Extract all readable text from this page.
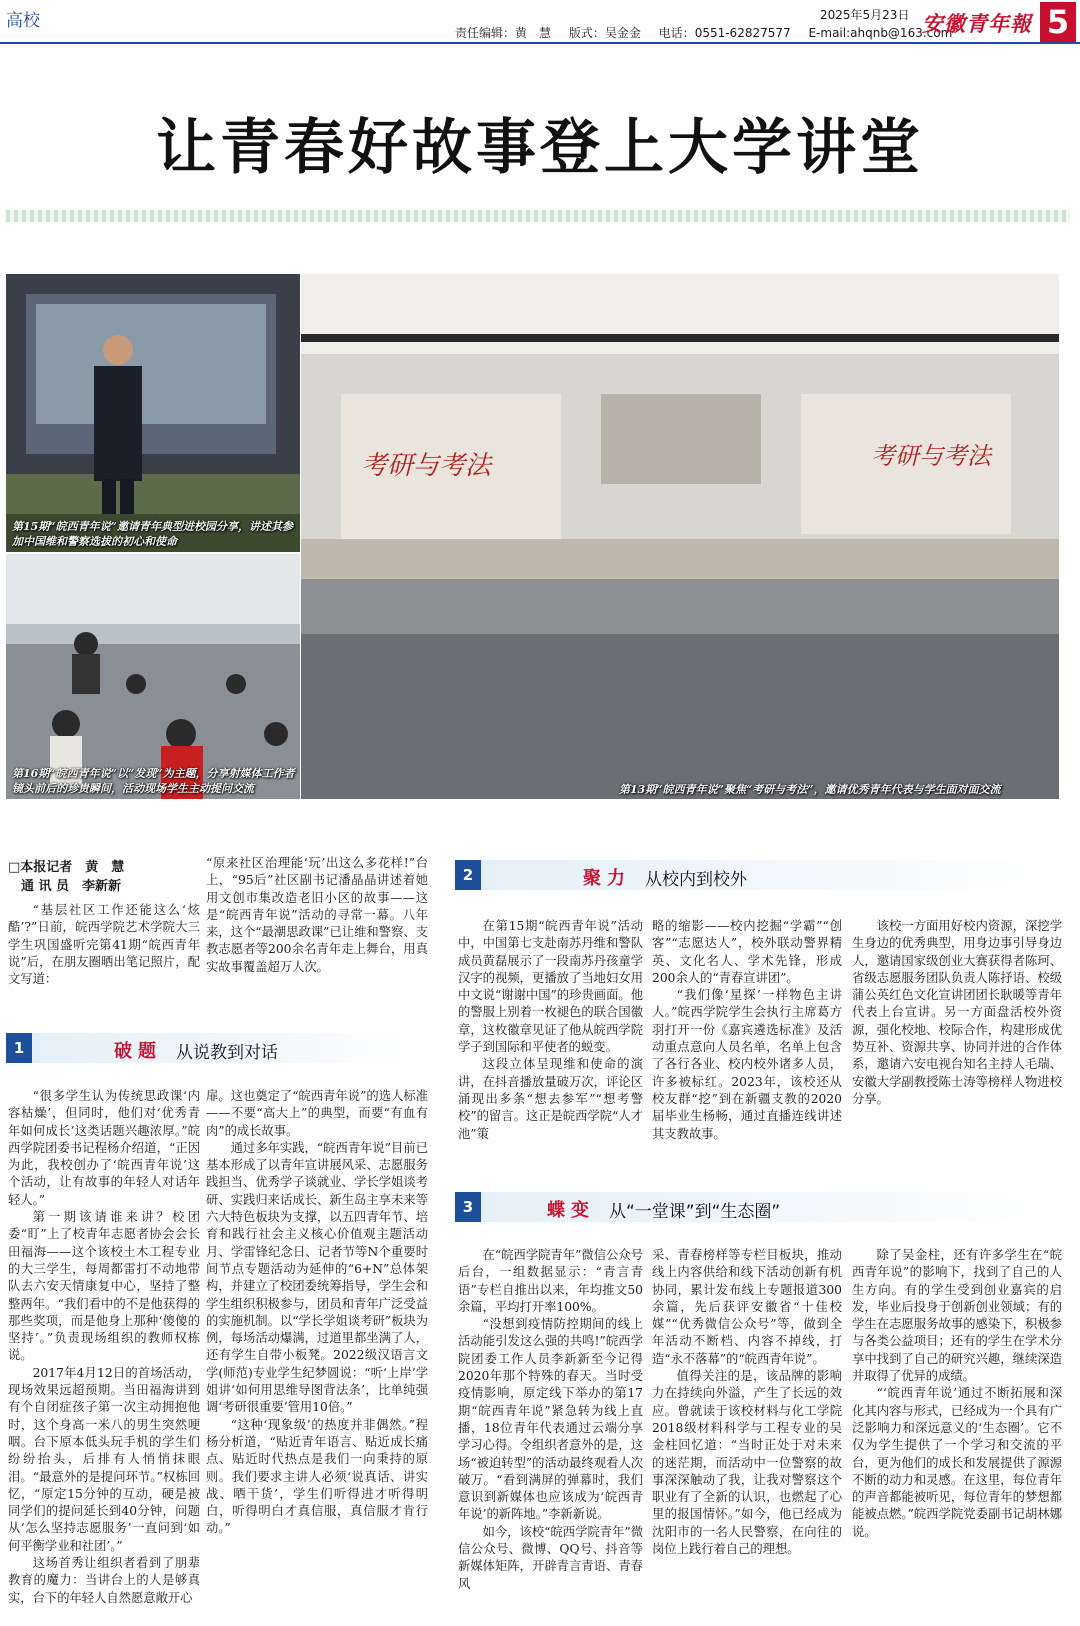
高校	2025年5月23日
责任编辑：黄　慧 版式：吴金金 电话：0551-62827577 E-mail:ahqnb@163.com
安徽青年報 5
让青春好故事登上大学讲堂
第15期“皖西青年说”邀请青年典型进校园分享，讲述其参加中国维和警察选拔的初心和使命
第16期“皖西青年说”以“发现”为主题，分享射媒体工作者镜头前后的珍贵瞬间，活动现场学生主动提问交流
考研与考法	考研与考法
第13期“皖西青年说”聚焦“考研与考法”，邀请优秀青年代表与学生面对面交流
□本报记者　黄　慧
　通 讯 员　李新新

“基层社区工作还能这么‘炫酷’?”日前，皖西学院艺术学院大三学生巩国盛听完第41期“皖西青年说”后，在朋友圈晒出笔记照片，配文写道：

“原来社区治理能‘玩’出这么多花样!”台上，“95后”社区副书记潘晶晶讲述着她用文创市集改造老旧小区的故事——这是“皖西青年说”活动的寻常一幕。八年来，这个“最潮思政课”已让维和警察、支教志愿者等200余名青年走上舞台，用真实故事覆盖超万人次。

1	破题 从说教到对话

“很多学生认为传统思政课‘内容枯燥’，但同时，他们对‘优秀青年如何成长’这类话题兴趣浓厚。”皖西学院团委书记程杨介绍道，“正因为此，我校创办了‘皖西青年说’这个活动，让有故事的年轻人对话年轻人。”

第一期该请谁来讲？校团委“盯”上了校青年志愿者协会会长田福海——这个该校土木工程专业的大三学生，每周都雷打不动地带队去六安天情康复中心，坚持了整整两年。“我们看中的不是他获得的那些奖项，而是他身上那种‘傻傻的坚持’。”负责现场组织的教师权栋说。

2017年4月12日的首场活动，现场效果远超预期。当田福海讲到有个自闭症孩子第一次主动拥抱他时，这个身高一米八的男生突然哽咽。台下原本低头玩手机的学生们纷纷抬头，后排有人悄悄抹眼泪。“最意外的是提问环节。”权栋回忆，“原定15分钟的互动，硬是被同学们的提问延长到40分钟，问题从‘怎么坚持志愿服务’一直问到‘如何平衡学业和社团’。”

这场首秀让组织者看到了朋辈教育的魔力：当讲台上的人是够真实，台下的年轻人自然愿意敞开心

扉。这也奠定了“皖西青年说”的选人标准——不要“高大上”的典型，而要“有血有肉”的成长故事。

通过多年实践，“皖西青年说”目前已基本形成了以青年宣讲展风采、志愿服务践担当、优秀学子谈就业、学长学姐谈考研、实践归来话成长、新生岛主享未来等六大特色板块为支撑，以五四青年节、培育和践行社会主义核心价值观主题活动月、学雷锋纪念日、记者节等N个重要时间节点专题活动为延伸的“6+N”总体架构，并建立了校团委统筹指导，学生会和学生组织积极参与，团员和青年广泛受益的实施机制。以“学长学姐谈考研”板块为例，每场活动爆满，过道里都坐满了人，还有学生自带小板凳。2022级汉语言文学(师范)专业学生纪梦圆说：“听‘上岸’学姐讲‘如何用思维导图背法条’，比单纯强调‘考研很重要’管用10倍。”

“这种‘现象级’的热度并非偶然。”程杨分析道，“贴近青年语言、贴近成长痛点、贴近时代热点是我们一向秉持的原则。我们要求主讲人必须‘说真话、讲实战、晒干货’，学生们听得进才听得明白，听得明白才真信服，真信服才肯行动。”

2	聚力 从校内到校外

在第15期“皖西青年说”活动中，中国第七支赴南苏丹维和警队成员黄磊展示了一段南苏丹孩童学汉字的视频，更播放了当地妇女用中文说“谢谢中国”的珍贵画面。他的警服上别着一枚褪色的联合国徽章，这枚徽章见证了他从皖西学院学子到国际和平使者的蜕变。

这段立体呈现维和使命的演讲，在抖音播放量破万次，评论区涌现出多条“想去参军”“想考警校”的留言。这正是皖西学院“人才池”策

略的缩影——校内挖掘“学霸”“创客”“志愿达人”，校外联动警界精英、文化名人、学术先锋，形成200余人的“青春宣讲团”。

“我们像‘星探’一样物色主讲人。”皖西学院学生会执行主席葛方羽打开一份《嘉宾遴选标准》及活动重点意向人员名单，名单上包含了各行各业、校内校外诸多人员，许多被标红。2023年，该校还从校友群“挖”到在新疆支教的2020届毕业生杨畅，通过直播连线讲述其支教故事。

该校一方面用好校内资源，深挖学生身边的优秀典型，用身边事引导身边人，邀请国家级创业大赛获得者陈珂、省级志愿服务团队负责人陈抒语、校级蒲公英红色文化宣讲团团长耿暖等青年代表上台宣讲。另一方面盘活校外资源，强化校地、校际合作，构建形成优势互补、资源共享、协同并进的合作体系，邀请六安电视台知名主持人毛瑞、安徽大学副教授陈士涛等榜样人物进校分享。

3	蝶变 从“一堂课”到“生态圈”

在“皖西学院青年”微信公众号后台，一组数据显示：“青言青语”专栏自推出以来，年均推文50余篇，平均打开率100%。

“没想到疫情防控期间的线上活动能引发这么强的共鸣!”皖西学院团委工作人员李新新至今记得2020年那个特殊的春天。当时受疫情影响，原定线下举办的第17期“皖西青年说”紧急转为线上直播，18位青年代表通过云端分享学习心得。令组织者意外的是，这场“被迫转型”的活动最终观看人次破万。“看到满屏的弹幕时，我们意识到新媒体也应该成为‘皖西青年说’的新阵地。”李新新说。

如今，该校“皖西学院青年”微信公众号、微博、QQ号、抖音等新媒体矩阵，开辟青言青语、青春风

采、青春榜样等专栏目板块，推动线上内容供给和线下活动创新有机协同，累计发布线上专题报道300余篇，先后获评安徽省“十佳校媒”“优秀微信公众号”等，做到全年活动不断档、内容不掉线，打造“永不落幕”的“皖西青年说”。

值得关注的是，该品牌的影响力在持续向外溢，产生了长远的效应。曾就读于该校材料与化工学院2018级材料科学与工程专业的吴金柱回忆道：“当时正处于对未来的迷茫期，而活动中一位警察的故事深深触动了我，让我对警察这个职业有了全新的认识，也燃起了心里的报国情怀。”如今，他已经成为沈阳市的一名人民警察，在向往的岗位上践行着自己的理想。

除了吴金柱，还有许多学生在“皖西青年说”的影响下，找到了自己的人生方向。有的学生受到创业嘉宾的启发，毕业后投身于创新创业领域；有的学生在志愿服务故事的感染下，积极参与各类公益项目；还有的学生在学术分享中找到了自己的研究兴趣，继续深造并取得了优异的成绩。

“‘皖西青年说’通过不断拓展和深化其内容与形式，已经成为一个具有广泛影响力和深远意义的‘生态圈’。它不仅为学生提供了一个学习和交流的平台，更为他们的成长和发展提供了源源不断的动力和灵感。在这里，每位青年的声音都能被听见，每位青年的梦想都能被点燃。”皖西学院党委副书记胡林娜说。
